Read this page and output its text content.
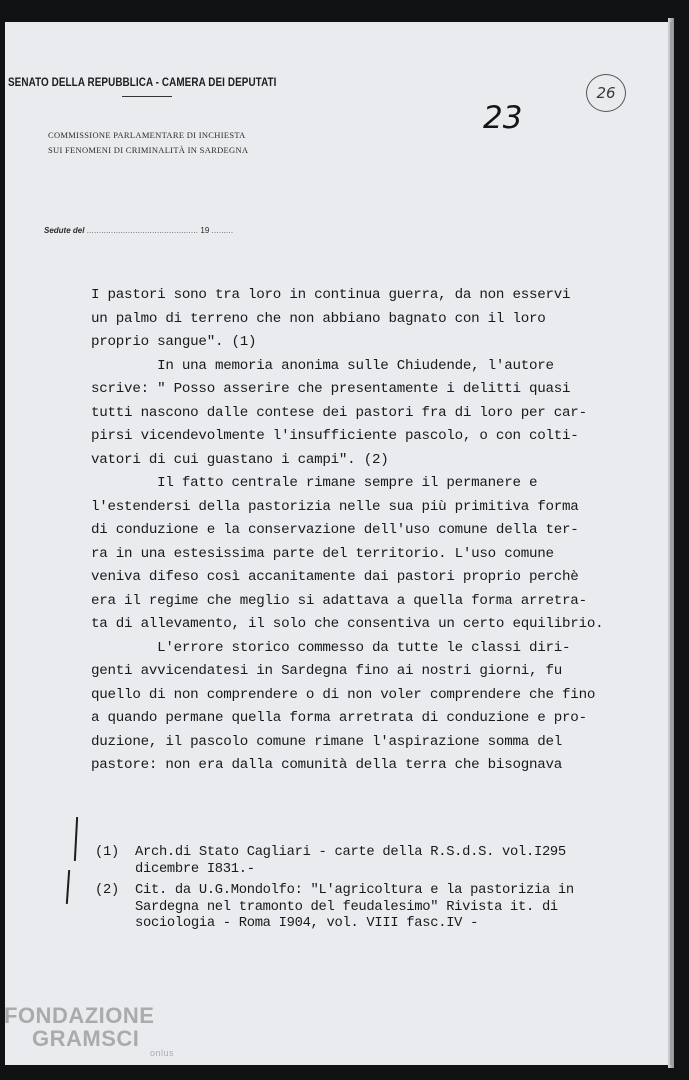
SENATO DELLA REPUBBLICA - CAMERA DEI DEPUTATI
COMMISSIONE PARLAMENTARE DI INCHIESTA
SUI FENOMENI DI CRIMINALITÀ IN SARDEGNA
23
26
Sedute del .............................................. 19 .........
I pastori sono tra loro in continua guerra, da non esservi
un palmo di terreno che non abbiano bagnato con il loro
proprio sangue". (1)
In una memoria anonima sulle Chiudende, l'autore
scrive: " Posso asserire che presentamente i delitti quasi
tutti nascono dalle contese dei pastori fra di loro per car-
pirsi vicendevolmente l'insufficiente pascolo, o con colti-
vatori di cui guastano i campi". (2)
Il fatto centrale rimane sempre il permanere e
l'estendersi della pastorizia nelle sua più primitiva forma
di conduzione e la conservazione dell'uso comune della ter-
ra in una estesissima parte del territorio. L'uso comune
veniva difeso così accanitamente dai pastori proprio perchè
era il regime che meglio si adattava a quella forma arretra-
ta di allevamento, il solo che consentiva un certo equilibrio.
L'errore storico commesso da tutte le classi diri-
genti avvicendatesi in Sardegna fino ai nostri giorni, fu
quello di non comprendere o di non voler comprendere che fino
a quando permane quella forma arretrata di conduzione e pro-
duzione, il pascolo comune rimane l'aspirazione somma del
pastore: non era dalla comunità della terra che bisognava
(1)	Arch.di Stato Cagliari - carte della R.S.d.S. vol.I295
dicembre I831.-
(2)	Cit. da U.G.Mondolfo: "L'agricoltura e la pastorizia in
Sardegna nel tramonto del feudalesimo" Rivista it. di
sociologia - Roma I904, vol. VIII fasc.IV -
FONDAZIONE
GRAMSCI
onlus
